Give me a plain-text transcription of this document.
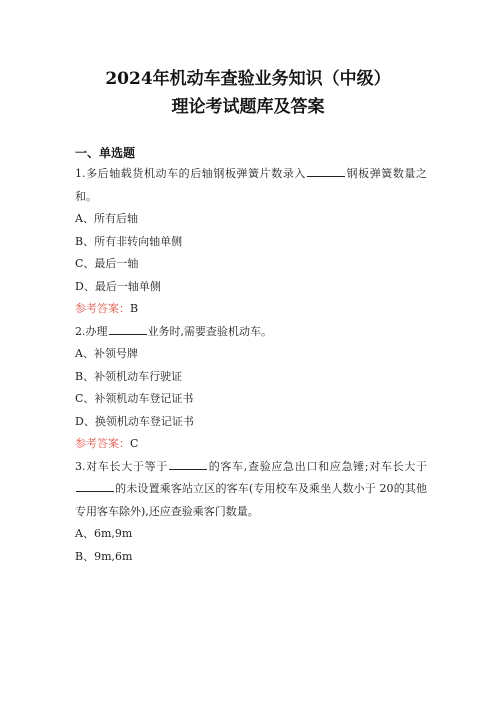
2024年机动车查验业务知识（中级）
理论考试题库及答案
一、单选题
1.多后轴载货机动车的后轴钢板弹簧片数录入	钢板弹簧数量之和。
A、所有后轴
B、所有非转向轴单侧
C、最后一轴
D、最后一轴单侧
参考答案：B
2.办理	业务时,需要查验机动车。
A、补领号牌
B、补领机动车行驶证
C、补领机动车登记证书
D、换领机动车登记证书
参考答案：C
3.对车长大于等于	的客车,查验应急出口和应急锤;对车长大于的未设置乘客站立区的客车(专用校车及乘坐人数小于 20的其他专用客车除外),还应查验乘客门数量。
A、6m,9m
B、9m,6m
